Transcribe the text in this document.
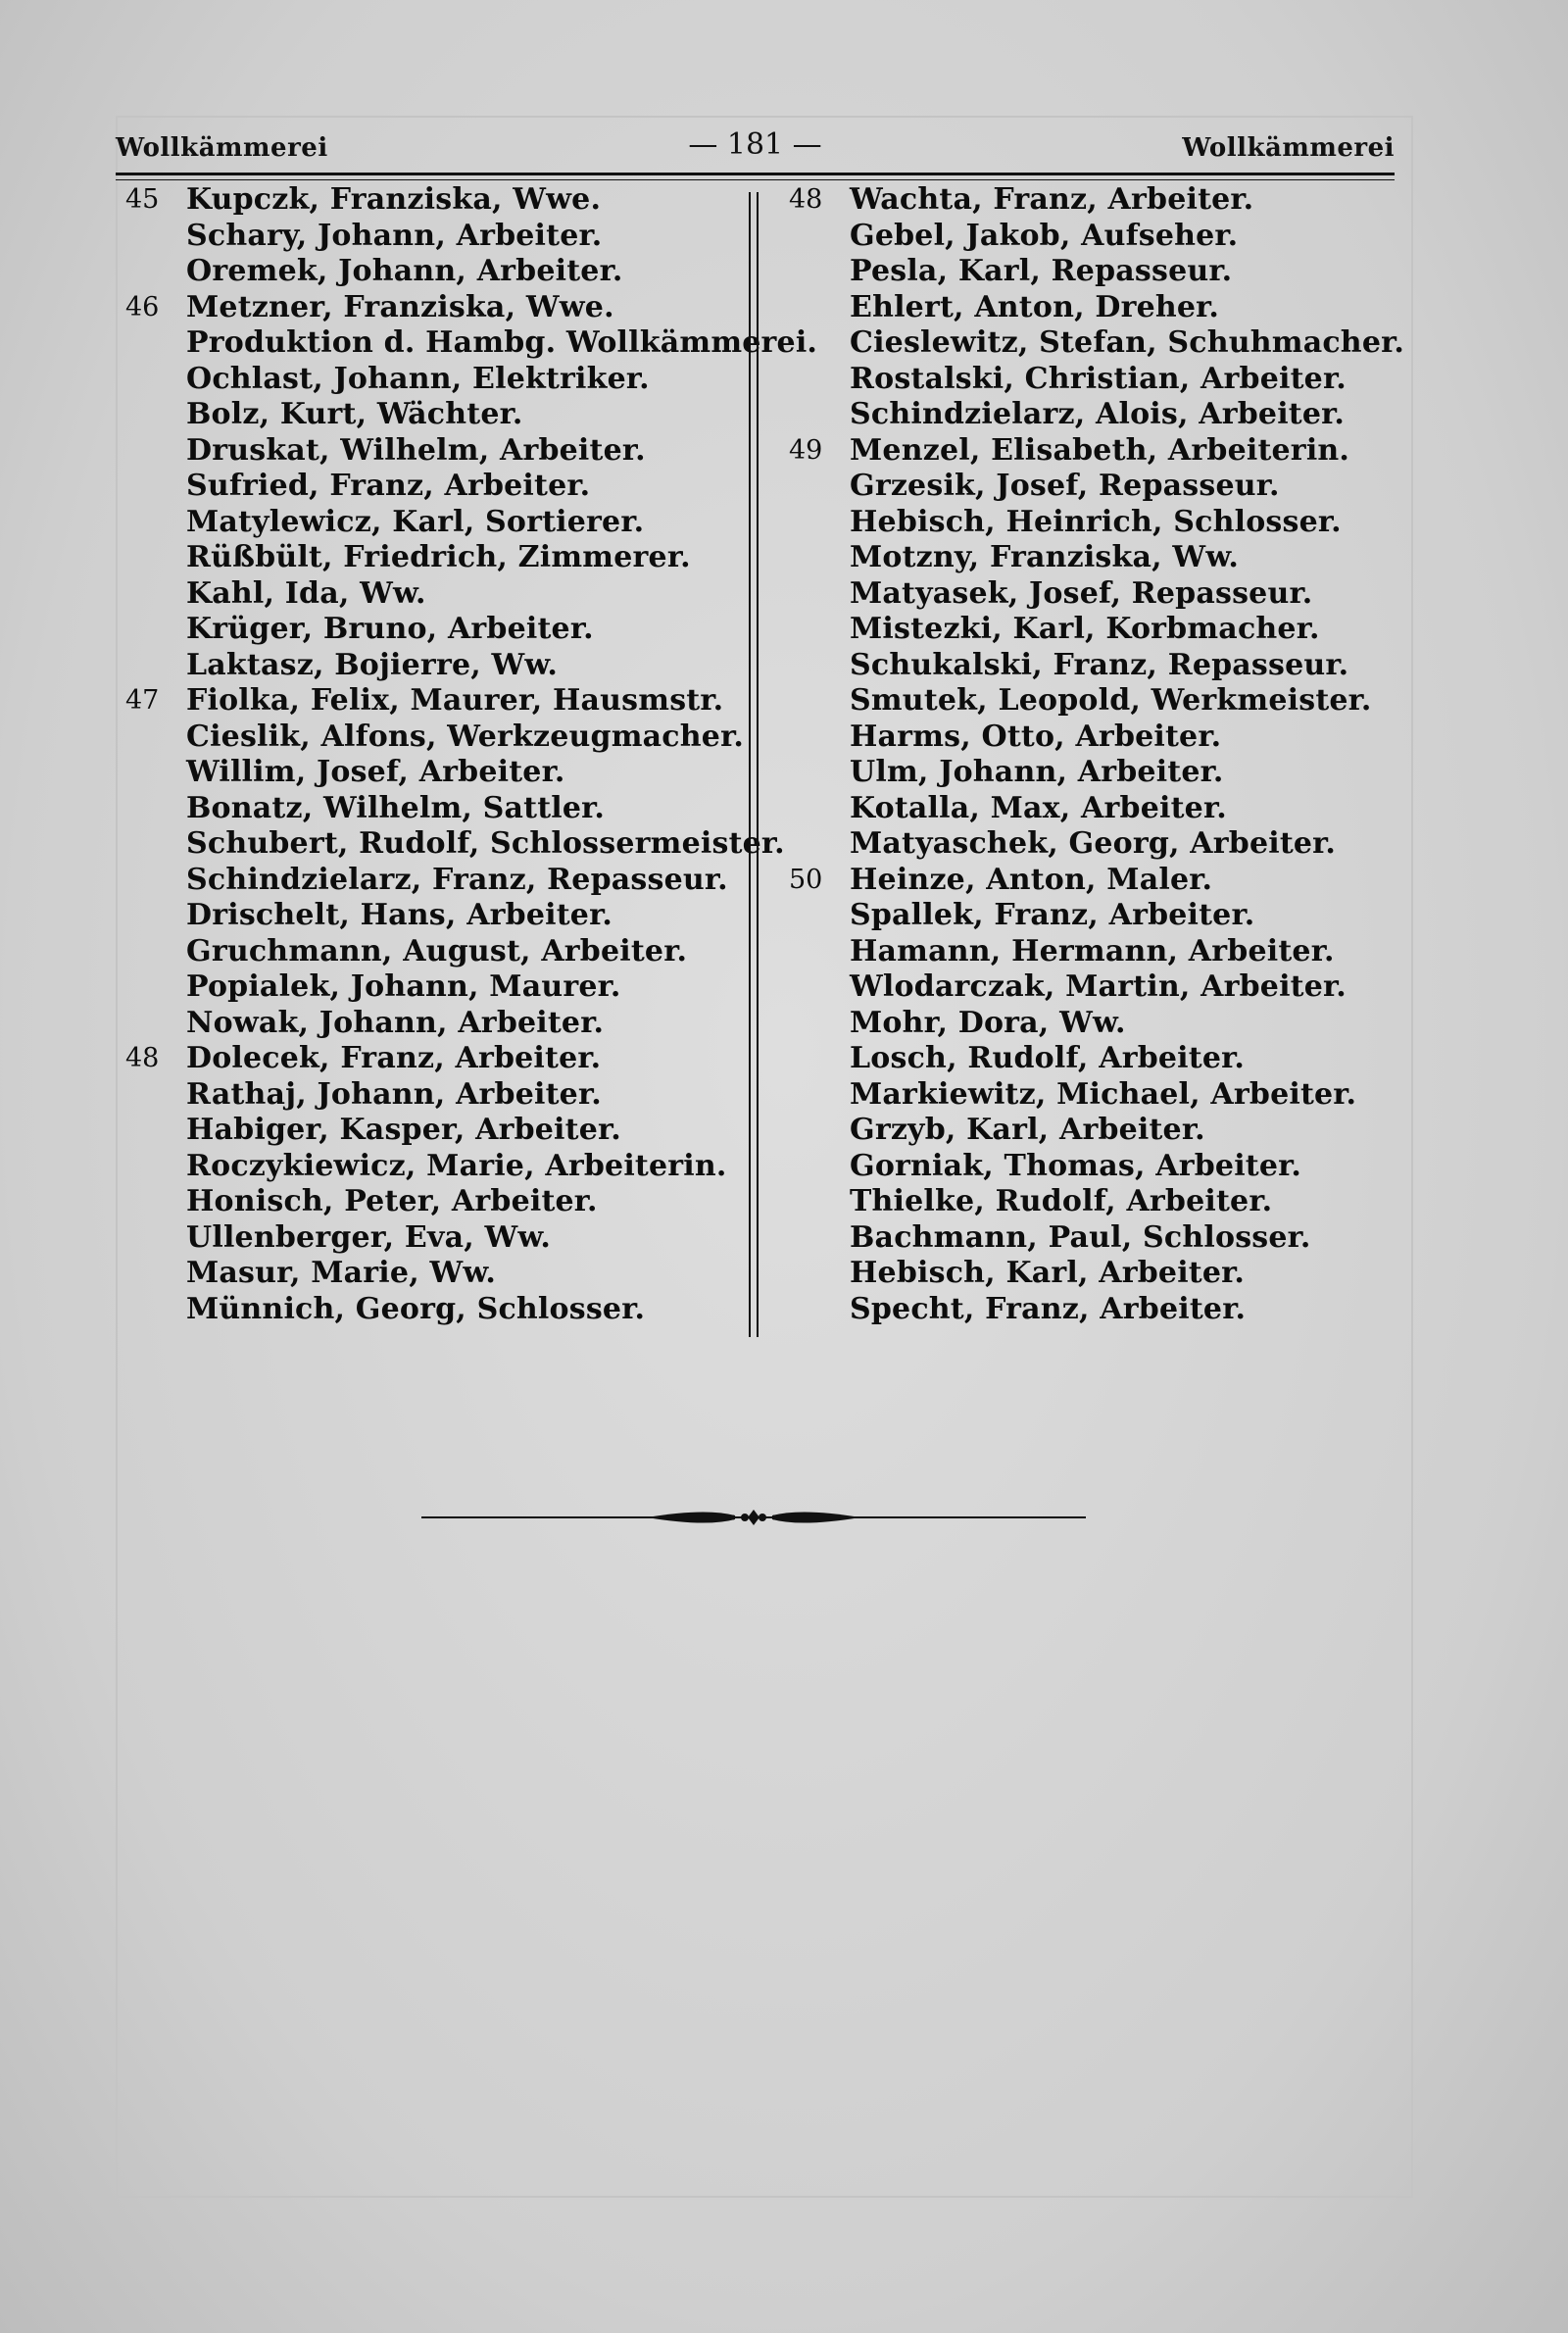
Wollkämmerei	— 181 —	Wollkämmerei
45 Kupczk, Franziska, Wwe.
Schary, Johann, Arbeiter.
Oremek, Johann, Arbeiter.
46 Metzner, Franziska, Wwe.
Produktion d. Hambg. Wollkämmerei.
Ochlast, Johann, Elektriker.
Bolz, Kurt, Wächter.
Druskat, Wilhelm, Arbeiter.
Sufried, Franz, Arbeiter.
Matylewicz, Karl, Sortierer.
Rüßbült, Friedrich, Zimmerer.
Kahl, Ida, Ww.
Krüger, Bruno, Arbeiter.
Laktasz, Bojierre, Ww.
47 Fiolka, Felix, Maurer, Hausmstr.
Cieslik, Alfons, Werkzeugmacher.
Willim, Josef, Arbeiter.
Bonatz, Wilhelm, Sattler.
Schubert, Rudolf, Schlossermeister.
Schindzielarz, Franz, Repasseur.
Drischelt, Hans, Arbeiter.
Gruchmann, August, Arbeiter.
Popialek, Johann, Maurer.
Nowak, Johann, Arbeiter.
48 Dolecek, Franz, Arbeiter.
Rathaj, Johann, Arbeiter.
Habiger, Kasper, Arbeiter.
Roczykiewicz, Marie, Arbeiterin.
Honisch, Peter, Arbeiter.
Ullenberger, Eva, Ww.
Masur, Marie, Ww.
Münnich, Georg, Schlosser.
48 Wachta, Franz, Arbeiter.
Gebel, Jakob, Aufseher.
Pesla, Karl, Repasseur.
Ehlert, Anton, Dreher.
Cieslewitz, Stefan, Schuhmacher.
Rostalski, Christian, Arbeiter.
Schindzielarz, Alois, Arbeiter.
49 Menzel, Elisabeth, Arbeiterin.
Grzesik, Josef, Repasseur.
Hebisch, Heinrich, Schlosser.
Motzny, Franziska, Ww.
Matyasek, Josef, Repasseur.
Mistezki, Karl, Korbmacher.
Schukalski, Franz, Repasseur.
Smutek, Leopold, Werkmeister.
Harms, Otto, Arbeiter.
Ulm, Johann, Arbeiter.
Kotalla, Max, Arbeiter.
Matyaschek, Georg, Arbeiter.
50 Heinze, Anton, Maler.
Spallek, Franz, Arbeiter.
Hamann, Hermann, Arbeiter.
Wlodarczak, Martin, Arbeiter.
Mohr, Dora, Ww.
Losch, Rudolf, Arbeiter.
Markiewitz, Michael, Arbeiter.
Grzyb, Karl, Arbeiter.
Gorniak, Thomas, Arbeiter.
Thielke, Rudolf, Arbeiter.
Bachmann, Paul, Schlosser.
Hebisch, Karl, Arbeiter.
Specht, Franz, Arbeiter.
